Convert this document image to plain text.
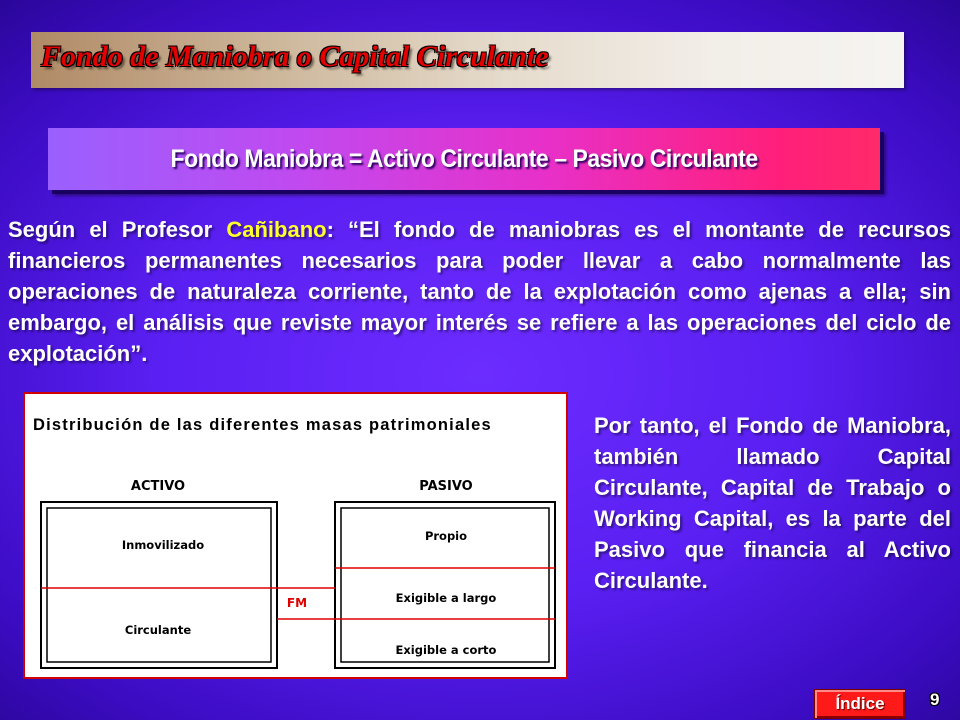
Fondo de Maniobra o Capital Circulante
Fondo Maniobra = Activo Circulante – Pasivo Circulante
Según el Profesor Cañibano: “El fondo de maniobras es el montante de recursos financieros permanentes necesarios para poder llevar a cabo normalmente las operaciones de naturaleza corriente, tanto de la explotación como ajenas a ella; sin embargo, el análisis que reviste mayor interés se refiere a las operaciones del ciclo de explotación”.
Distribución de las diferentes masas patrimoniales
ACTIVO	PASIVO
Inmovilizado
Circulante
Propio
Exigible a largo
Exigible a corto
FM
Por tanto, el Fondo de Maniobra, también llamado Capital Circulante, Capital de Trabajo o Working Capital, es la parte del Pasivo que financia al Activo Circulante.
Índice	9
